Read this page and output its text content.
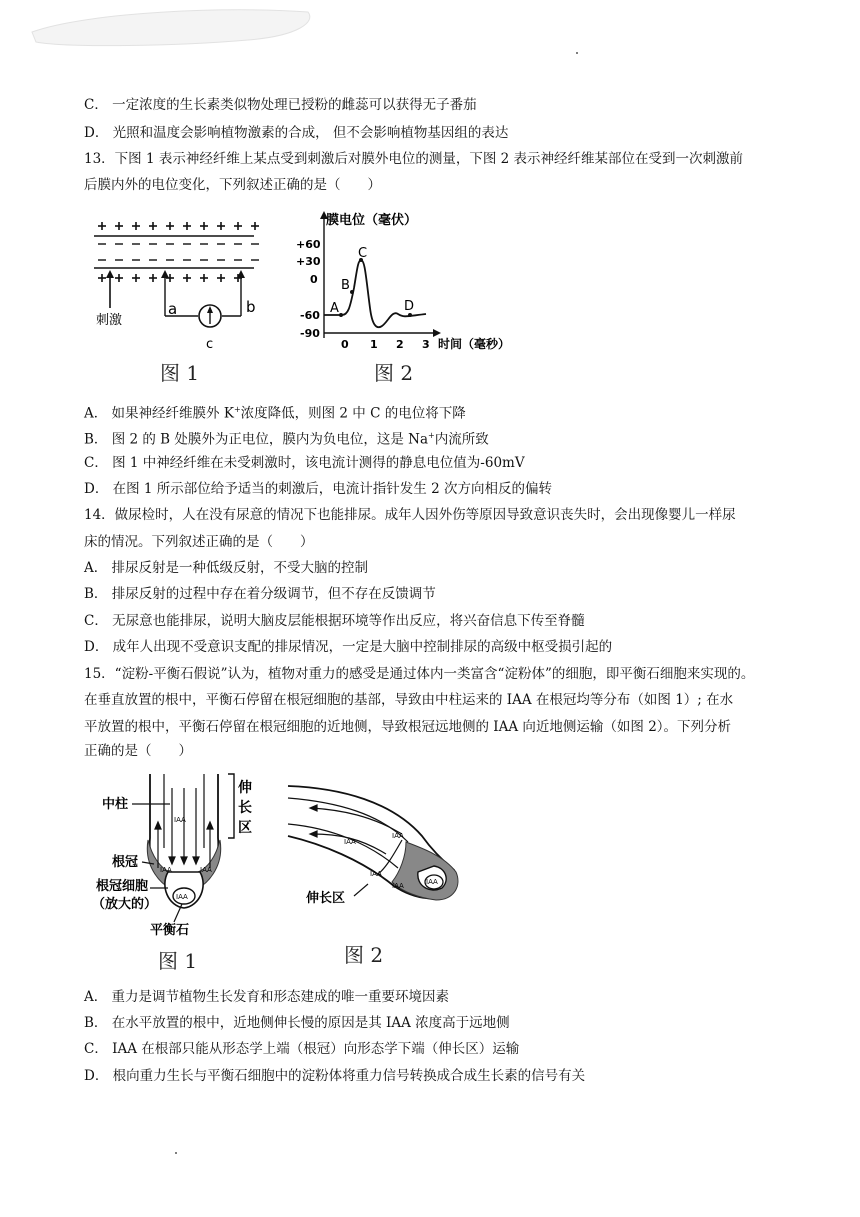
C． 一定浓度的生长素类似物处理已授粉的雌蕊可以获得无子番茄
D． 光照和温度会影响植物激素的合成， 但不会影响植物基因组的表达
13．下图 1 表示神经纤维上某点受到刺激后对膜外电位的测量，下图 2 表示神经纤维某部位在受到一次刺激前
后膜内外的电位变化，下列叙述正确的是（　　）
刺激
a	b
c
图 1
膜电位（毫伏）
时间（毫秒）
+60
+30
0
-60
-90
0 1 2 3
A
B
C
D
图 2
A． 如果神经纤维膜外 K+浓度降低，则图 2 中 C 的电位将下降
B． 图 2 的 B 处膜外为正电位，膜内为负电位，这是 Na+内流所致
C． 图 1 中神经纤维在未受刺激时，该电流计测得的静息电位值为-60mV
D． 在图 1 所示部位给予适当的刺激后，电流计指针发生 2 次方向相反的偏转
14．做尿检时，人在没有尿意的情况下也能排尿。成年人因外伤等原因导致意识丧失时，会出现像婴儿一样尿
床的情况。下列叙述正确的是（　　）
A． 排尿反射是一种低级反射，不受大脑的控制
B． 排尿反射的过程中存在着分级调节，但不存在反馈调节
C． 无尿意也能排尿，说明大脑皮层能根据环境等作出反应，将兴奋信息下传至脊髓
D． 成年人出现不受意识支配的排尿情况，一定是大脑中控制排尿的高级中枢受损引起的
15．“淀粉-平衡石假说”认为，植物对重力的感受是通过体内一类富含“淀粉体”的细胞，即平衡石细胞来实现的。
在垂直放置的根中，平衡石停留在根冠细胞的基部，导致由中柱运来的 IAA 在根冠均等分布（如图 1）; 在水
平放置的根中，平衡石停留在根冠细胞的近地侧，导致根冠远地侧的 IAA 向近地侧运输（如图 2）。下列分析
正确的是（　　）
IAA
IAA	IAA
IAA
伸
长
区
中柱
根冠
根冠细胞
（放大的）
平衡石
图 1
IAA
IAA
IAA
IAA	IAA
伸长区
图 2
A． 重力是调节植物生长发育和形态建成的唯一重要环境因素
B． 在水平放置的根中，近地侧伸长慢的原因是其 IAA 浓度高于远地侧
C． IAA 在根部只能从形态学上端（根冠）向形态学下端（伸长区）运输
D． 根向重力生长与平衡石细胞中的淀粉体将重力信号转换成合成生长素的信号有关
